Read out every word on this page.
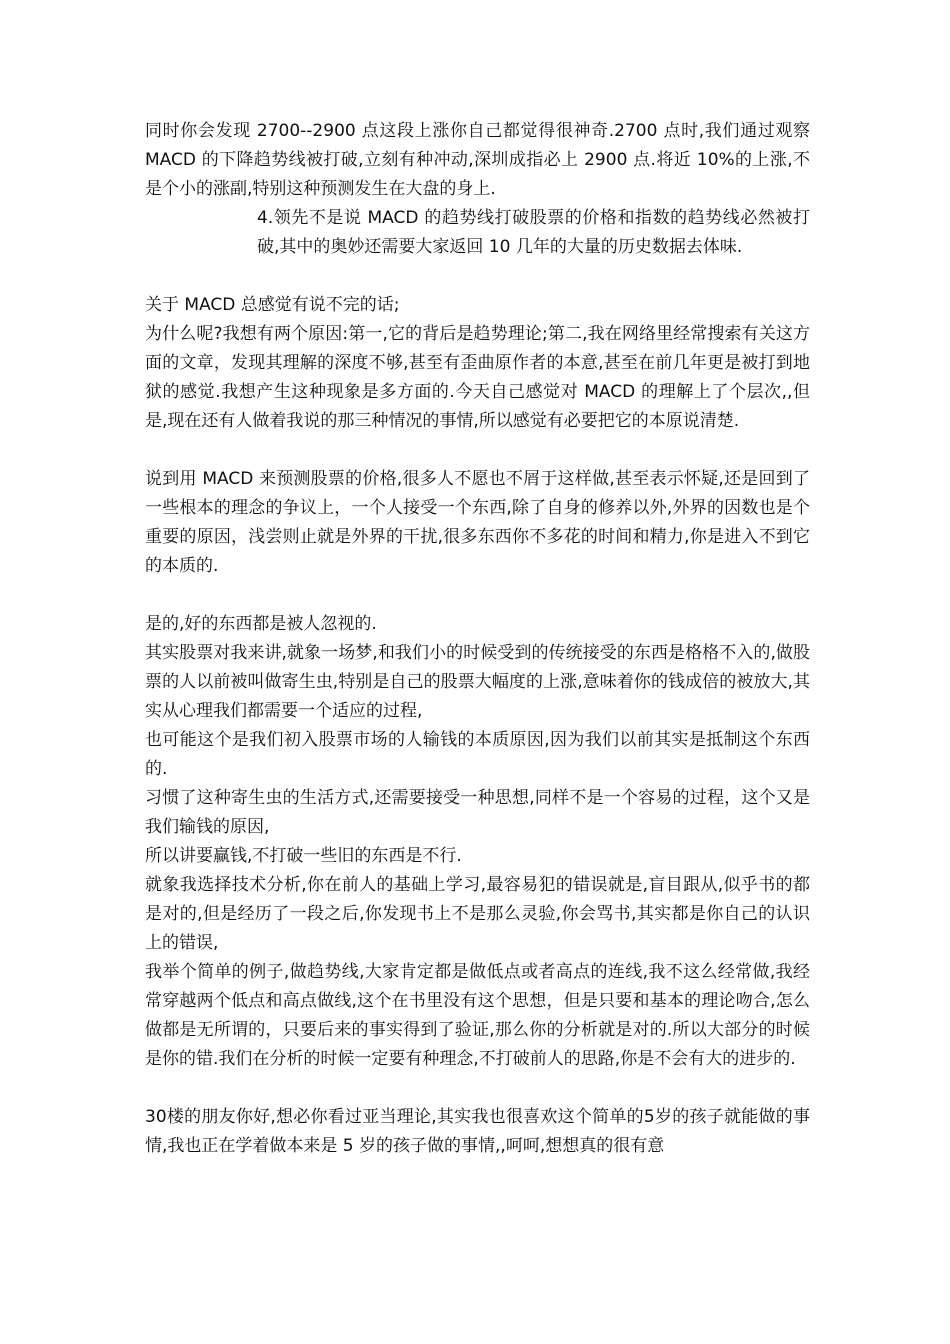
同时你会发现 2700--2900 点这段上涨你自己都觉得很神奇.2700 点时,我们通过观察 MACD 的下降趋势线被打破,立刻有种冲动,深圳成指必上 2900 点.将近 10%的上涨,不是个小的涨副,特别这种预测发生在大盘的身上.

4.领先不是说 MACD 的趋势线打破股票的价格和指数的趋势线必然被打破,其中的奥妙还需要大家返回 10 几年的大量的历史数据去体味.

关于 MACD 总感觉有说不完的话;

为什么呢?我想有两个原因:第一,它的背后是趋势理论;第二,我在网络里经常搜索有关这方面的文章，发现其理解的深度不够,甚至有歪曲原作者的本意,甚至在前几年更是被打到地狱的感觉.我想产生这种现象是多方面的.今天自己感觉对 MACD 的理解上了个层次,,但是,现在还有人做着我说的那三种情况的事情,所以感觉有必要把它的本原说清楚.

说到用 MACD 来预测股票的价格,很多人不愿也不屑于这样做,甚至表示怀疑,还是回到了一些根本的理念的争议上，一个人接受一个东西,除了自身的修养以外,外界的因数也是个重要的原因，浅尝则止就是外界的干扰,很多东西你不多花的时间和精力,你是进入不到它的本质的.

是的,好的东西都是被人忽视的.

其实股票对我来讲,就象一场梦,和我们小的时候受到的传统接受的东西是格格不入的,做股票的人以前被叫做寄生虫,特别是自己的股票大幅度的上涨,意味着你的钱成倍的被放大,其实从心理我们都需要一个适应的过程,

也可能这个是我们初入股票市场的人输钱的本质原因,因为我们以前其实是抵制这个东西的.

习惯了这种寄生虫的生活方式,还需要接受一种思想,同样不是一个容易的过程，这个又是我们输钱的原因,

所以讲要赢钱,不打破一些旧的东西是不行.

就象我选择技术分析,你在前人的基础上学习,最容易犯的错误就是,盲目跟从,似乎书的都是对的,但是经历了一段之后,你发现书上不是那么灵验,你会骂书,其实都是你自己的认识上的错误,

我举个简单的例子,做趋势线,大家肯定都是做低点或者高点的连线,我不这么经常做,我经常穿越两个低点和高点做线,这个在书里没有这个思想，但是只要和基本的理论吻合,怎么做都是无所谓的，只要后来的事实得到了验证,那么你的分析就是对的.所以大部分的时候是你的错.我们在分析的时候一定要有种理念,不打破前人的思路,你是不会有大的进步的.

30楼的朋友你好,想必你看过亚当理论,其实我也很喜欢这个简单的5岁的孩子就能做的事情,我也正在学着做本来是 5 岁的孩子做的事情,,呵呵,想想真的很有意
